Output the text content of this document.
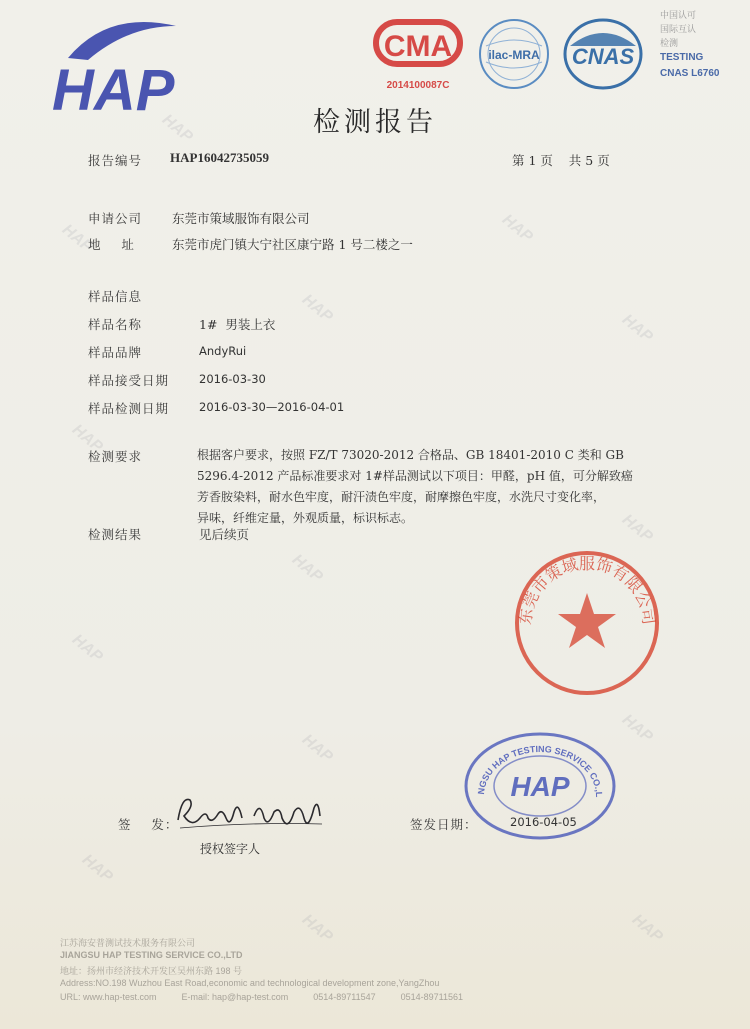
HAP
HAP
HAP
HAP
HAP
HAP
HAP
HAP
HAP
HAP
HAP
HAP
HAP	HAP
HAP
CMA
2014100087C
ilac-MRA CNAS
中国认可
国际互认
检测
TESTING
CNAS L6760
检测报告
报告编号 HAP16042735059	第 1 页    共 5 页
申请公司 东莞市策域服饰有限公司
地    址	东莞市虎门镇大宁社区康宁路 1 号二楼之一
样品信息
样品名称	1#  男装上衣
样品品牌	AndyRui
样品接受日期	2016-03-30
样品检测日期	2016-03-30—2016-04-01
检测要求	根据客户要求，按照 FZ/T 73020-2012 合格品、GB 18401-2010 C 类和 GB
5296.4-2012 产品标准要求对 1#样品测试以下项目：甲醛，pH 值，可分解致癌
芳香胺染料，耐水色牢度，耐汗渍色牢度，耐摩擦色牢度，水洗尺寸变化率，
异味，纤维定量，外观质量，标识标志。
检测结果	见后续页
东莞市策域服饰有限公司
签    发：
授权签字人
签发日期：	2016-04-05
NGSU HAP TESTING SERVICE CO.,L
HAP
江苏海安普测试技术服务有限公司
JIANGSU HAP TESTING SERVICE CO.,LTD
地址：扬州市经济技术开发区吴州东路 198 号
Address:NO.198 Wuzhou East Road,economic and technological development zone,YangZhou
URL: www.hap-test.com          E-mail: hap@hap-test.com          0514-89711547          0514-89711561
